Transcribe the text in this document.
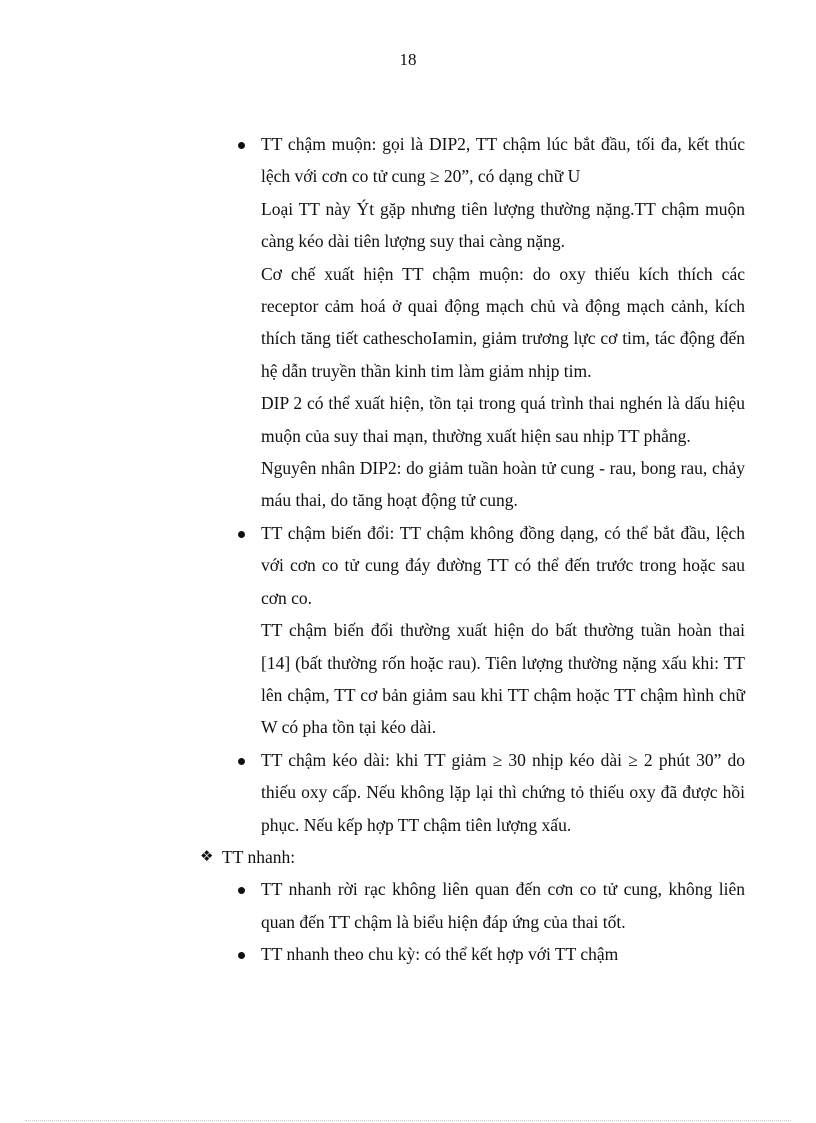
18

TT chậm muộn: gọi là DIP2, TT chậm lúc bắt đầu, tối đa, kết thúc lệch với cơn co tử cung ≥ 20”, có dạng chữ U

Loại TT này Ýt gặp nhưng tiên lượng thường nặng.TT chậm muộn càng kéo dài tiên lượng suy thai càng nặng.

Cơ chế xuất hiện TT chậm muộn: do oxy thiếu kích thích các receptor cảm hoá ở quai động mạch chủ và động mạch cảnh, kích thích tăng tiết catheschoIamin, giảm trương lực cơ tim, tác động đến hệ dẫn truyền thần kinh tim làm giảm nhịp tim.

DIP 2 có thể xuất hiện, tồn tại trong quá trình thai nghén là dấu hiệu muộn của suy thai mạn, thường xuất hiện sau nhịp TT phẳng.

Nguyên nhân DIP2: do giảm tuần hoàn tử cung - rau, bong rau, chảy máu thai, do tăng hoạt động tử cung.

TT chậm biến đổi: TT chậm không đồng dạng, có thể bắt đầu, lệch với cơn co tử cung đáy đường TT có thể đến trước trong hoặc sau cơn co.

TT chậm biến đổi thường xuất hiện do bất thường tuần hoàn thai [14] (bất thường rốn hoặc rau). Tiên lượng thường nặng xấu khi: TT lên chậm, TT cơ bản giảm sau khi TT chậm hoặc TT chậm hình chữ W có pha tồn tại kéo dài.

TT chậm kéo dài: khi TT giảm ≥ 30 nhịp kéo dài ≥ 2 phút 30” do thiếu oxy cấp. Nếu không lặp lại thì chứng tỏ thiếu oxy đã được hồi phục. Nếu kếp hợp TT chậm tiên lượng xấu.

❖ TT nhanh:

TT nhanh rời rạc không liên quan đến cơn co tử cung, không liên quan đến TT chậm là biểu hiện đáp ứng của thai tốt.

TT nhanh theo chu kỳ: có thể kết hợp với TT chậm
